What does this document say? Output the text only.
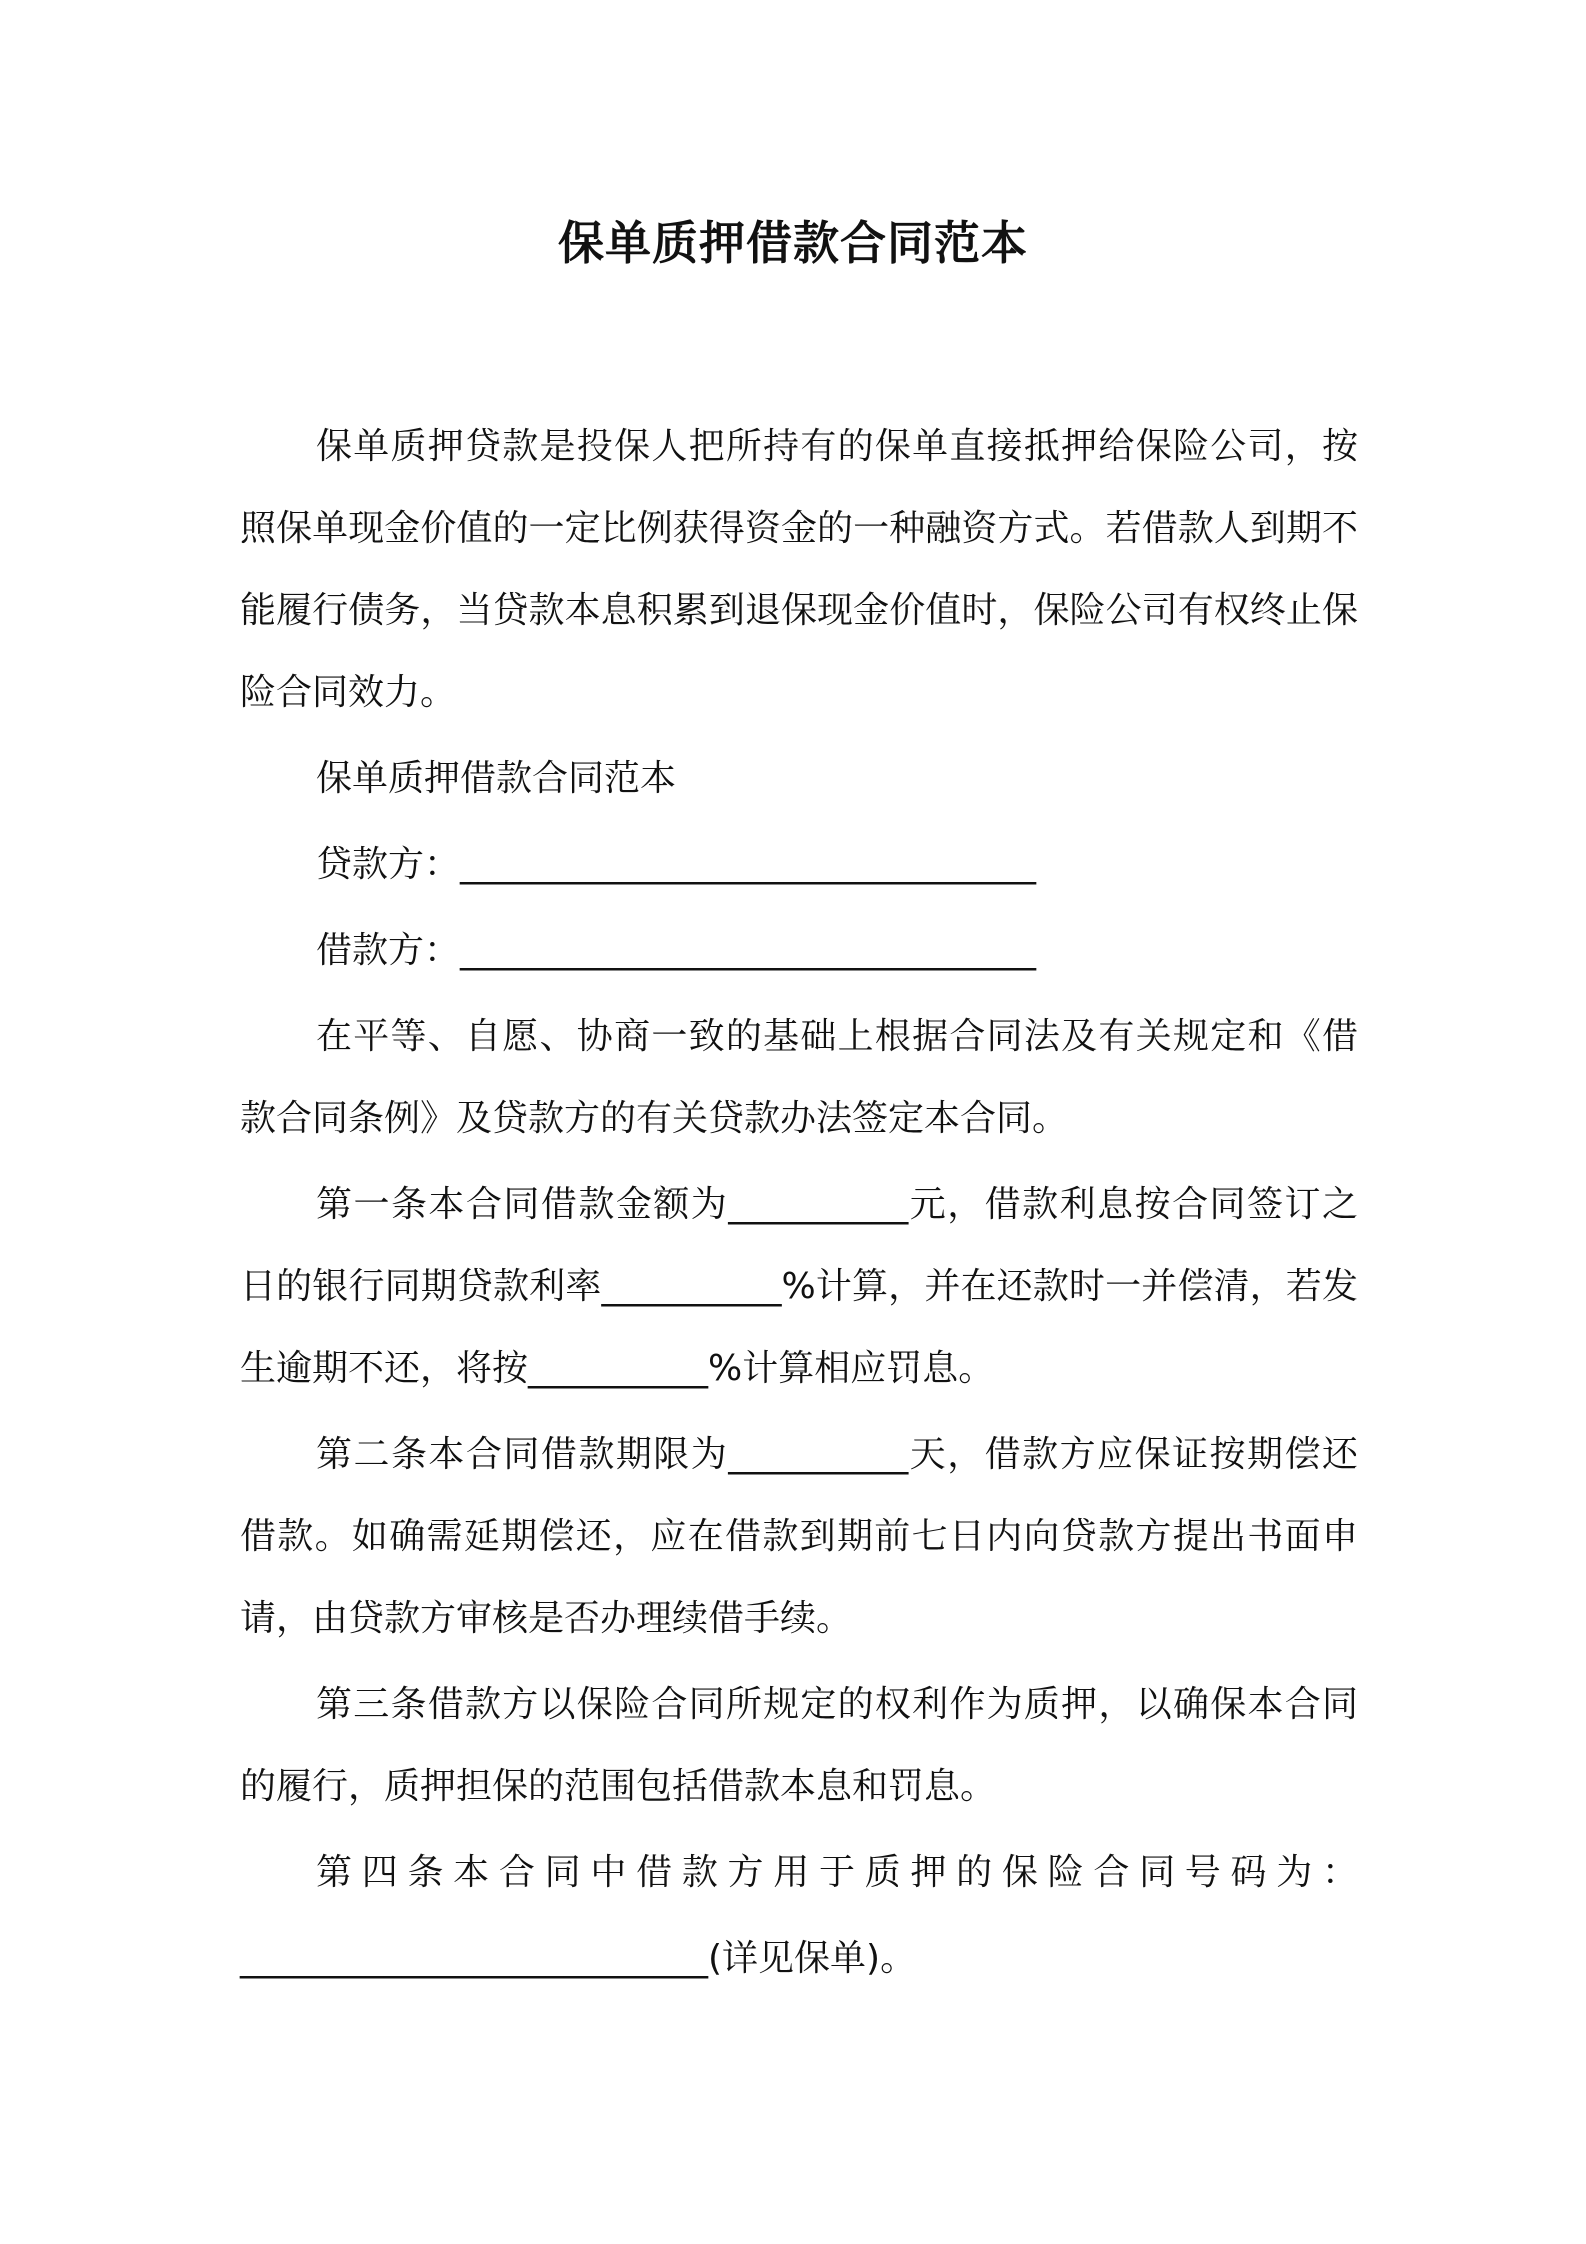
保单质押借款合同范本

保单质押贷款是投保人把所持有的保单直接抵押给保险公司，按照保单现金价值的一定比例获得资金的一种融资方式。若借款人到期不能履行债务，当贷款本息积累到退保现金价值时，保险公司有权终止保险合同效力。

保单质押借款合同范本

贷款方：________________________________

借款方：________________________________

在平等、自愿、协商一致的基础上根据合同法及有关规定和《借款合同条例》及贷款方的有关贷款办法签定本合同。

第一条本合同借款金额为__________元，借款利息按合同签订之日的银行同期贷款利率__________%计算，并在还款时一并偿清，若发生逾期不还，将按__________%计算相应罚息。

第二条本合同借款期限为__________天，借款方应保证按期偿还借款。如确需延期偿还，应在借款到期前七日内向贷款方提出书面申请，由贷款方审核是否办理续借手续。

第三条借款方以保险合同所规定的权利作为质押，以确保本合同的履行，质押担保的范围包括借款本息和罚息。

第四条本合同中借款方用于质押的保险合同号码为：

__________________________(详见保单)。
